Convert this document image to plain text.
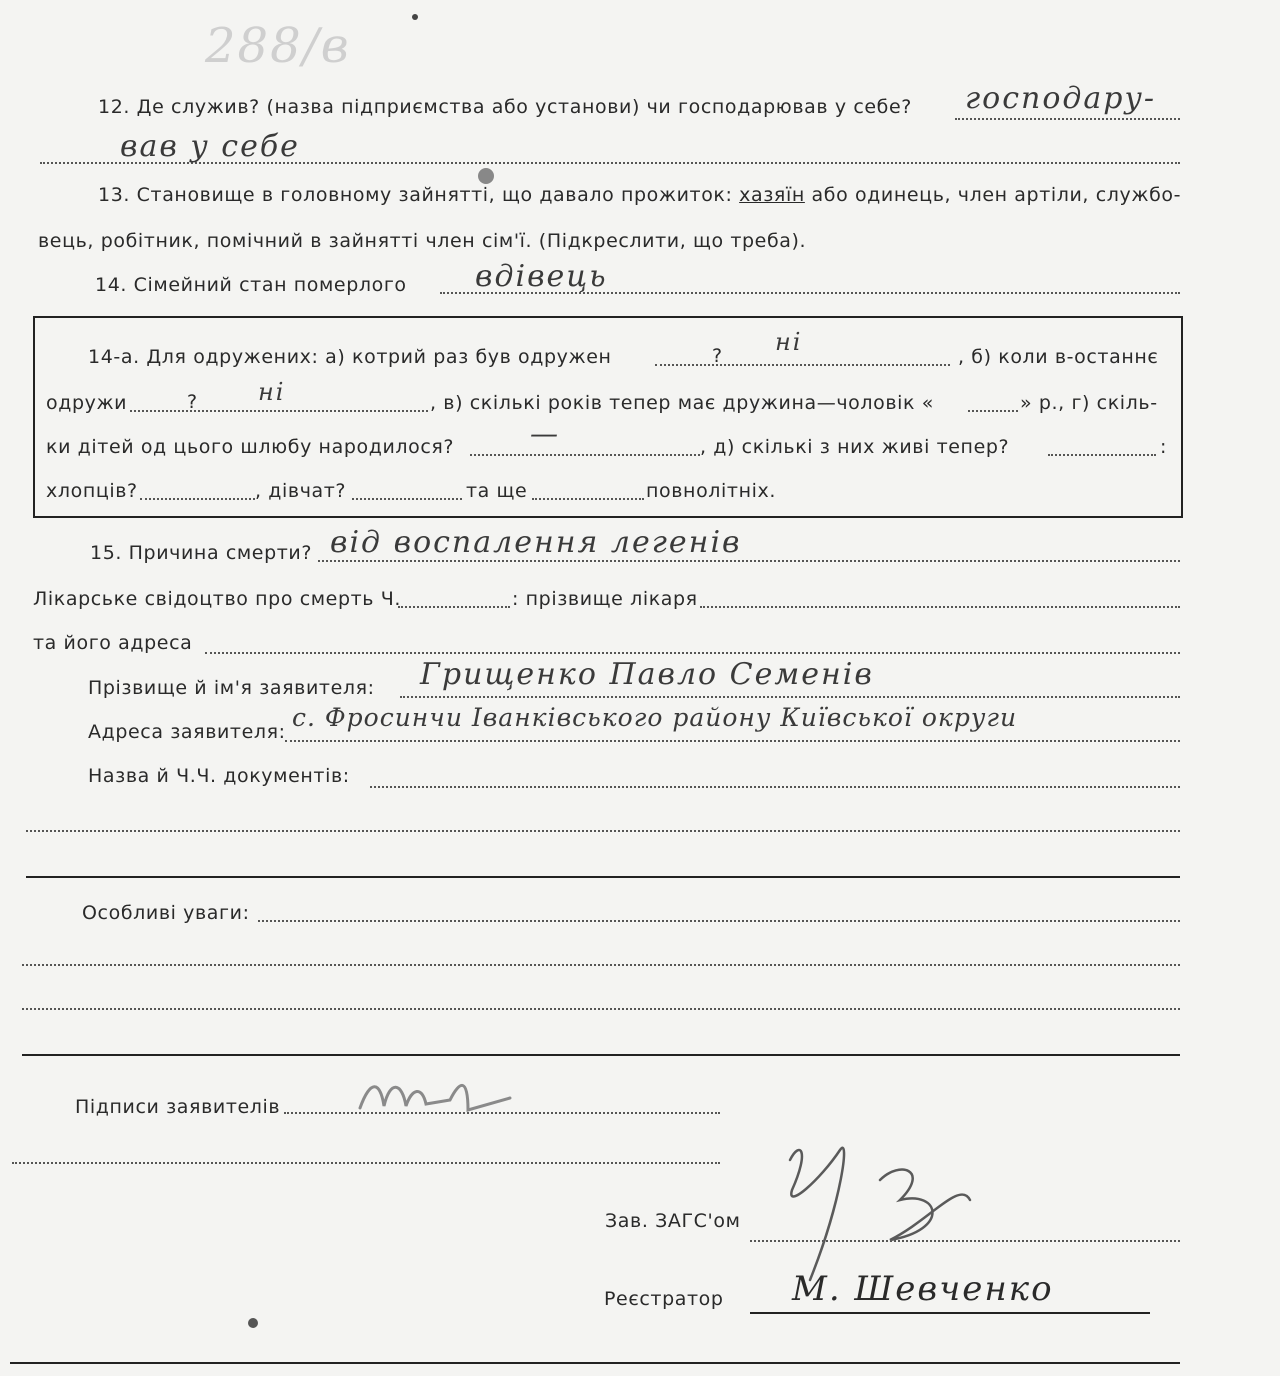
288/в
12. Де служив? (назва підприємства або установи) чи господарював у себе? господару-
вав у себе
13. Становище в головному зайнятті, що давало прожиток: хазяїн або одинець, член артіли, службо-
вець, робітник, помічний в зайнятті член сім'ї. (Підкреслити, що треба).
14. Сімейний стан померлого вдівець
14-а. Для одружених: а) котрий раз був одружен	? ні
, б) коли в-останнє
одружи	?	ні	, в) скількі років тепер має дружина—чоловік «	» р., г) скіль-
ки дітей од цього шлюбу народилося?	—	, д) скількі з них живі тепер?	:
хлопців?	, дівчат?	та ще	повнолітніх.
15. Причина смерти? від воспалення легенів
Лікарське свідоцтво про смерть Ч.	: прізвище лікаря
та його адреса
Прізвище й ім'я заявителя: Грищенко Павло Семенів
Адреса заявителя: с. Фросинчи Іванківського району Київської округи
Назва й Ч.Ч. документів:
Особливі уваги:
Підписи заявителів
Зав. ЗАГС'ом
Реєстратор М. Шевченко
